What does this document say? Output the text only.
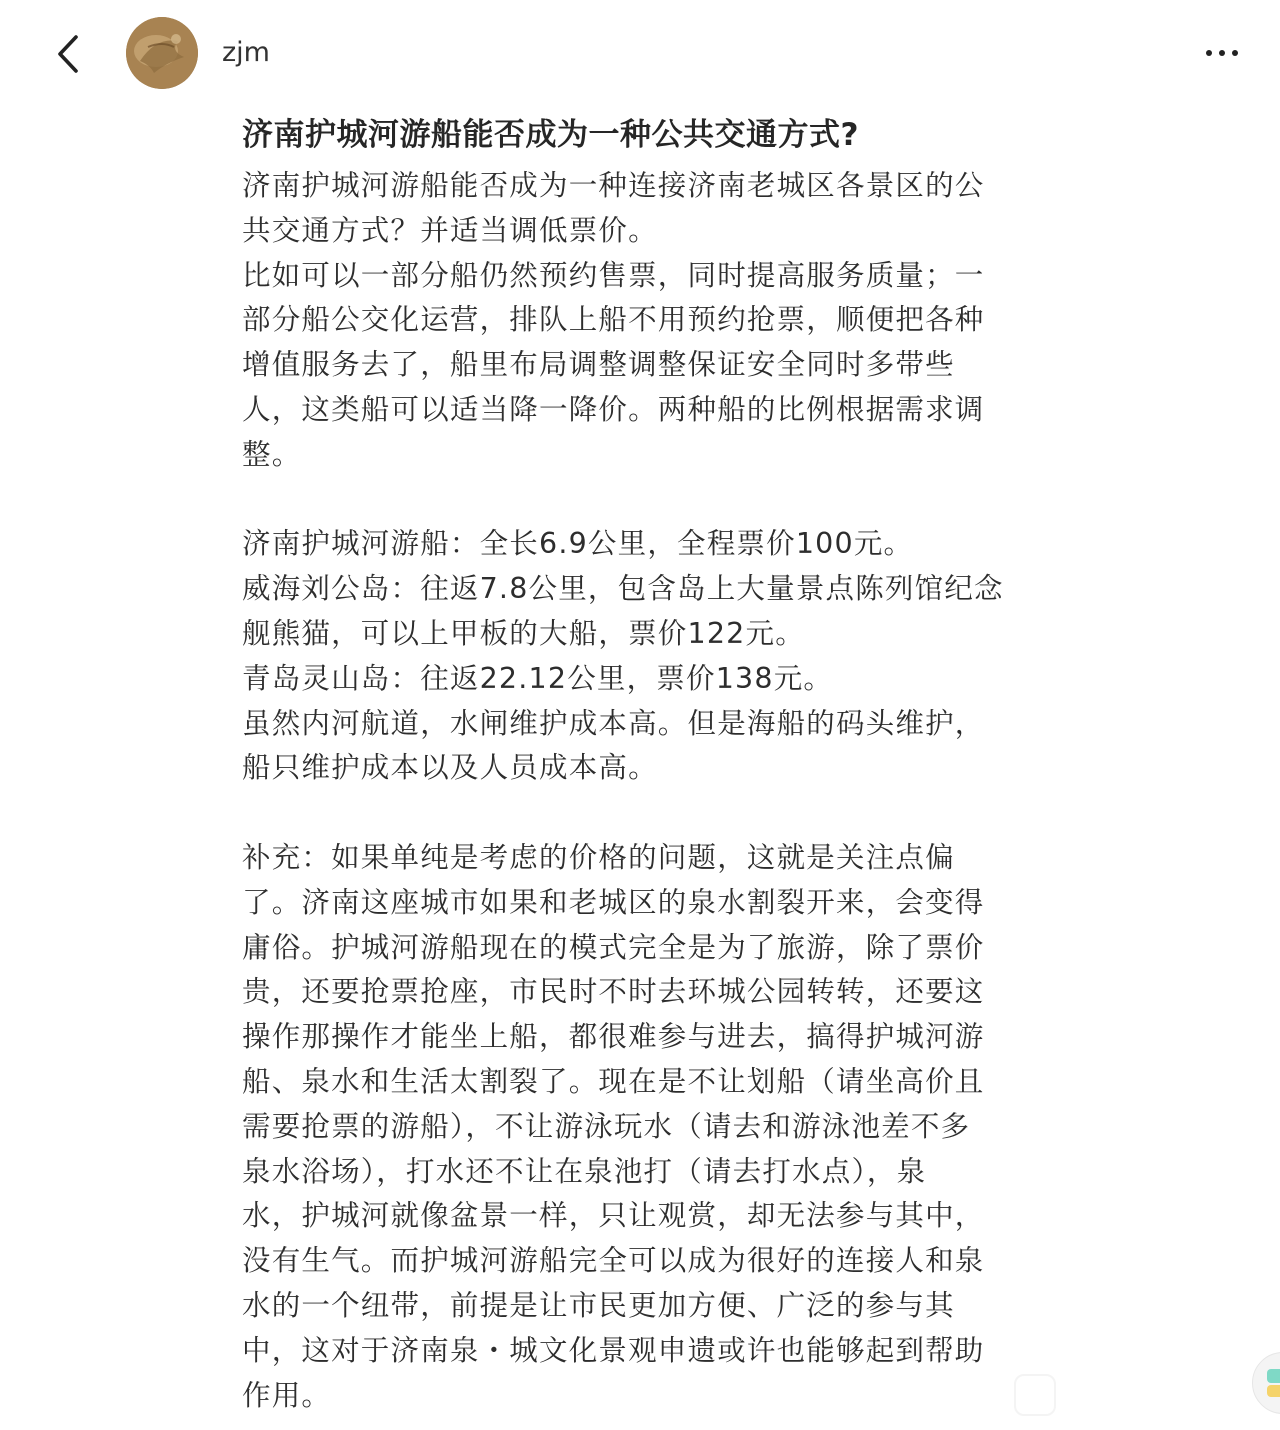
zjm
济南护城河游船能否成为一种公共交通方式?

济南护城河游船能否成为一种连接济南老城区各景区的公
共交通方式？并适当调低票价。
比如可以一部分船仍然预约售票，同时提高服务质量；一
部分船公交化运营，排队上船不用预约抢票，顺便把各种
增值服务去了，船里布局调整调整保证安全同时多带些
人，这类船可以适当降一降价。两种船的比例根据需求调
整。

济南护城河游船：全长6.9公里，全程票价100元。
威海刘公岛：往返7.8公里，包含岛上大量景点陈列馆纪念
舰熊猫，可以上甲板的大船，票价122元。
青岛灵山岛：往返22.12公里，票价138元。
虽然内河航道，水闸维护成本高。但是海船的码头维护，
船只维护成本以及人员成本高。

补充：如果单纯是考虑的价格的问题，这就是关注点偏
了。济南这座城市如果和老城区的泉水割裂开来，会变得
庸俗。护城河游船现在的模式完全是为了旅游，除了票价
贵，还要抢票抢座，市民时不时去环城公园转转，还要这
操作那操作才能坐上船，都很难参与进去，搞得护城河游
船、泉水和生活太割裂了。现在是不让划船（请坐高价且
需要抢票的游船），不让游泳玩水（请去和游泳池差不多
泉水浴场），打水还不让在泉池打（请去打水点），泉
水，护城河就像盆景一样，只让观赏，却无法参与其中，
没有生气。而护城河游船完全可以成为很好的连接人和泉
水的一个纽带，前提是让市民更加方便、广泛的参与其
中，这对于济南泉・城文化景观申遗或许也能够起到帮助
作用。
